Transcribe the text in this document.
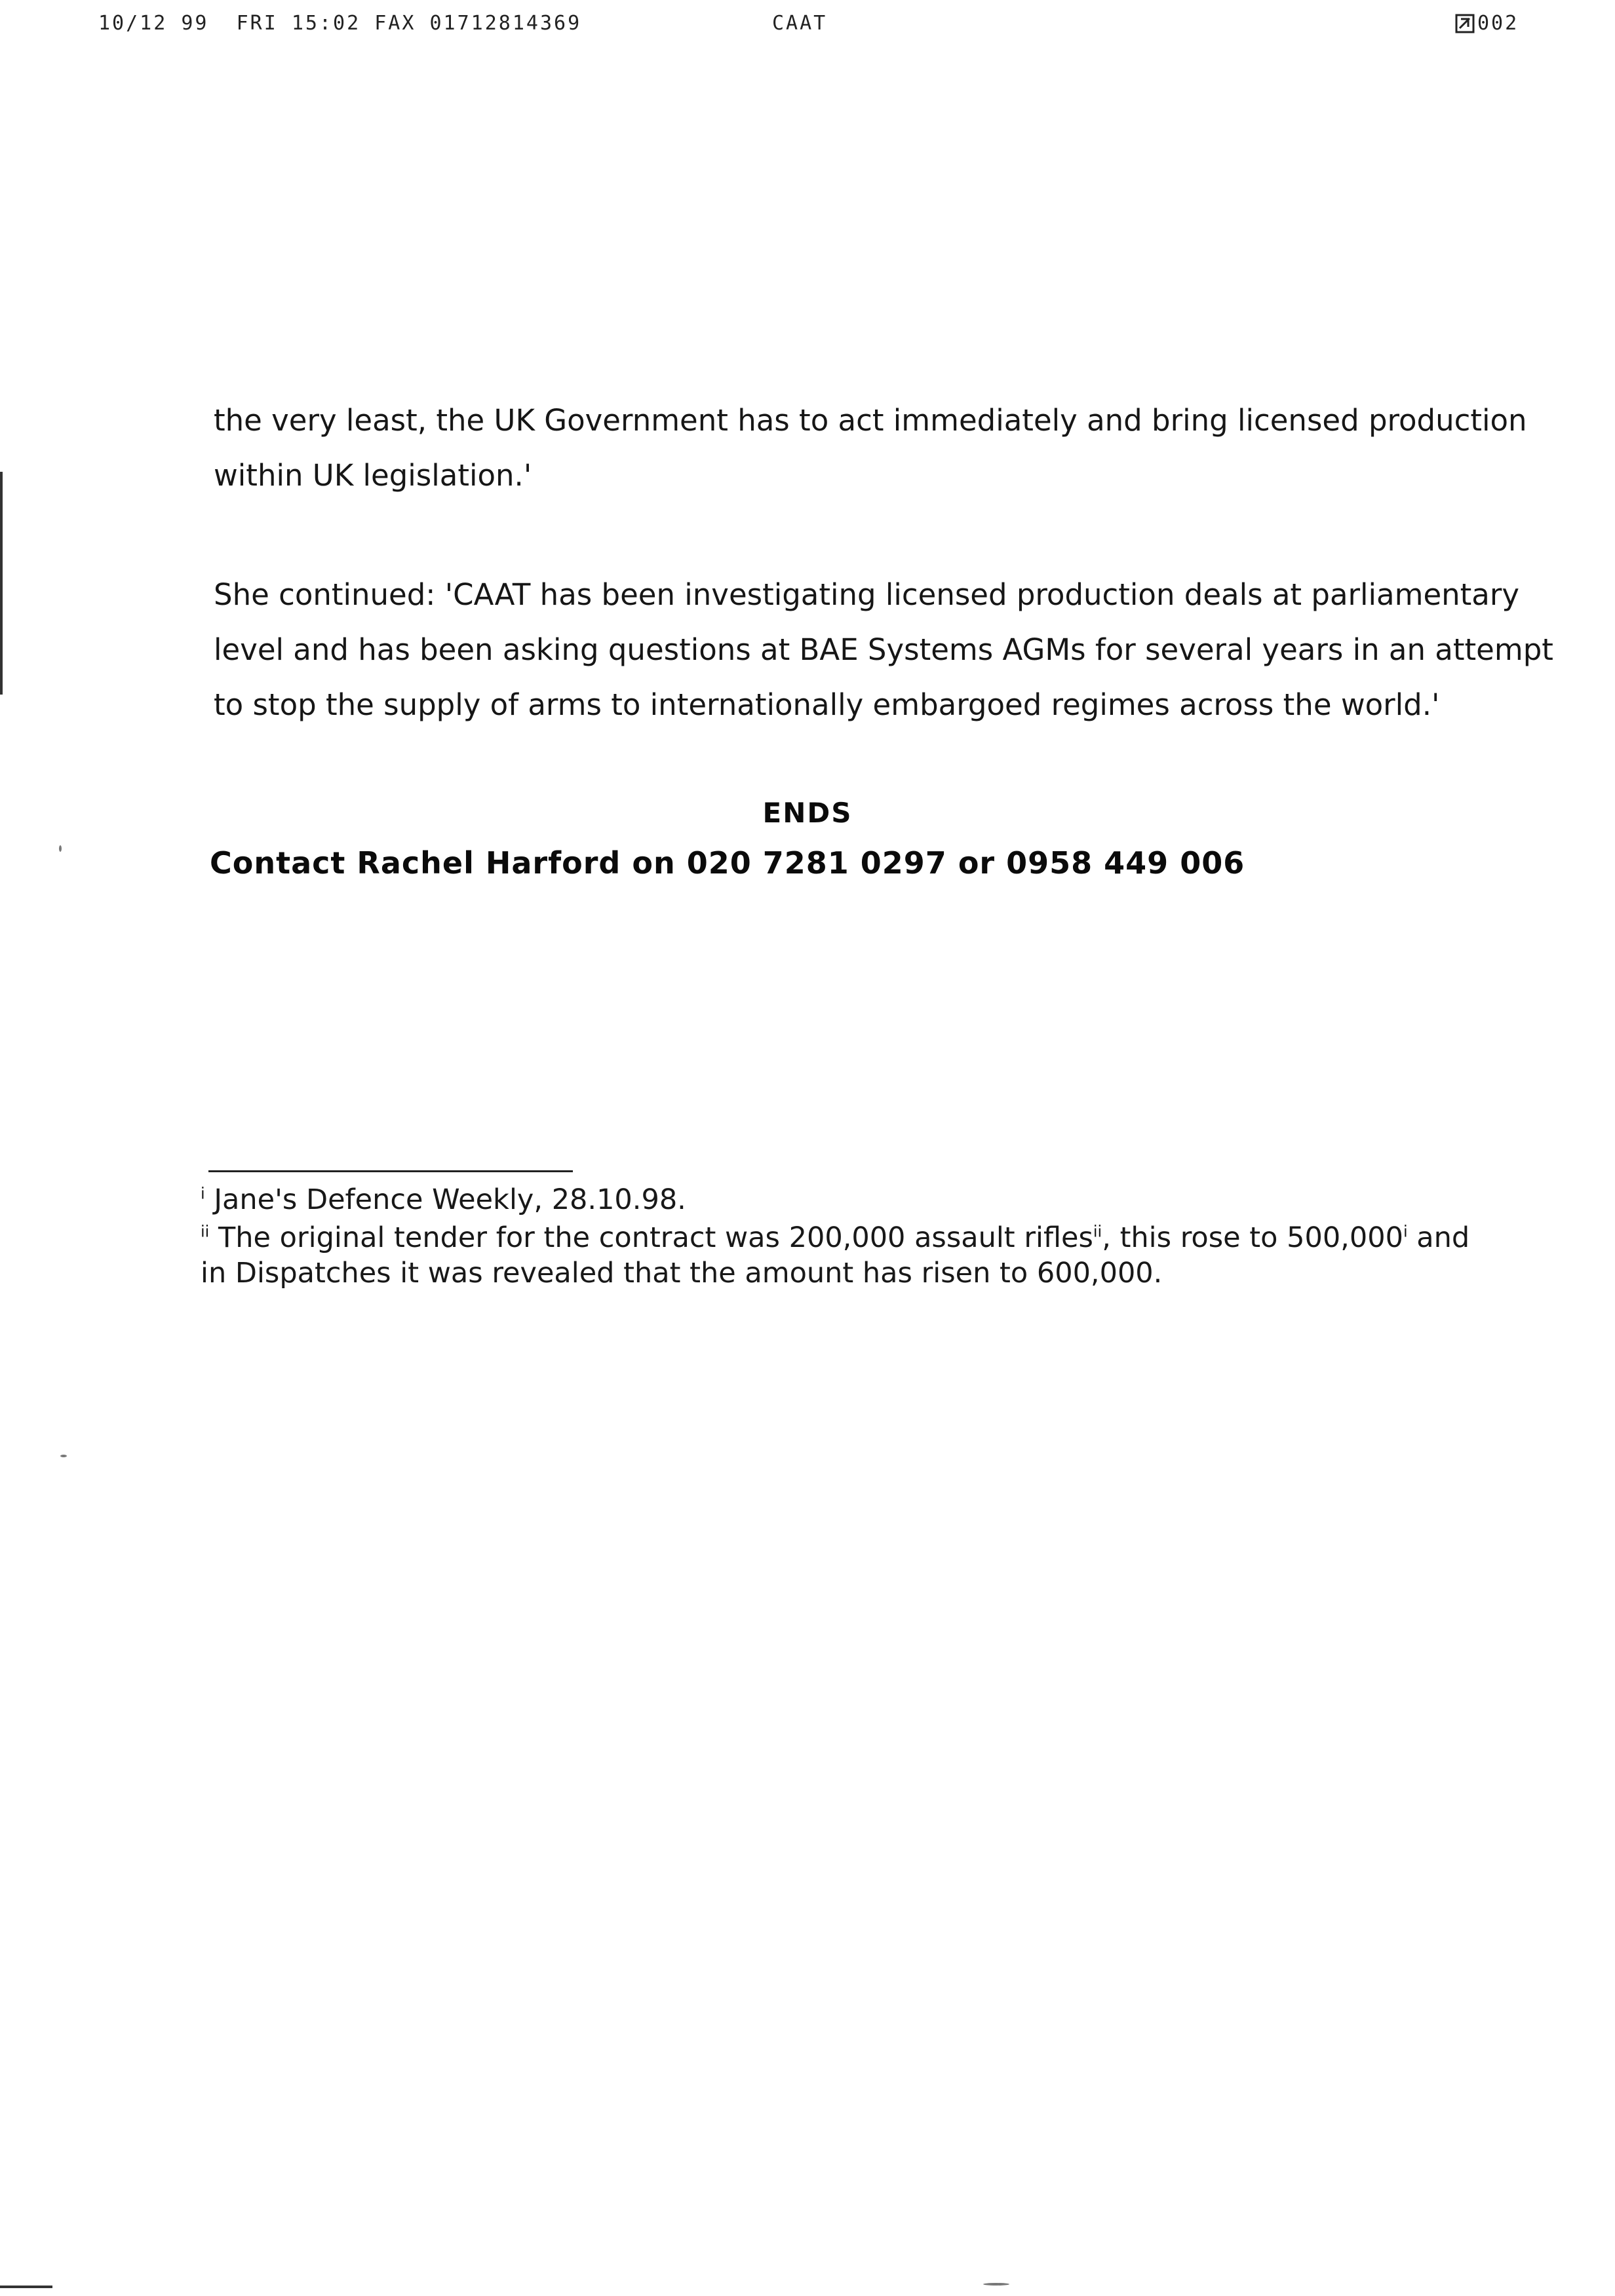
10/12 99  FRI 15:02 FAX 01712814369	CAAT	002
the very least, the UK Government has to act immediately and bring licensed production
within UK legislation.'
She continued: 'CAAT has been investigating licensed production deals at parliamentary
level and has been asking questions at BAE Systems AGMs for several years in an attempt
to stop the supply of arms to internationally embargoed regimes across the world.'
ENDS
Contact Rachel Harford on 020 7281 0297 or 0958 449 006
$^i$ Jane's Defence Weekly, 28.10.98.
$^{ii}$ The original tender for the contract was 200,000 assault rifles$^{ii}$, this rose to 500,000$^i$ and
in Dispatches it was revealed that the amount has risen to 600,000.
